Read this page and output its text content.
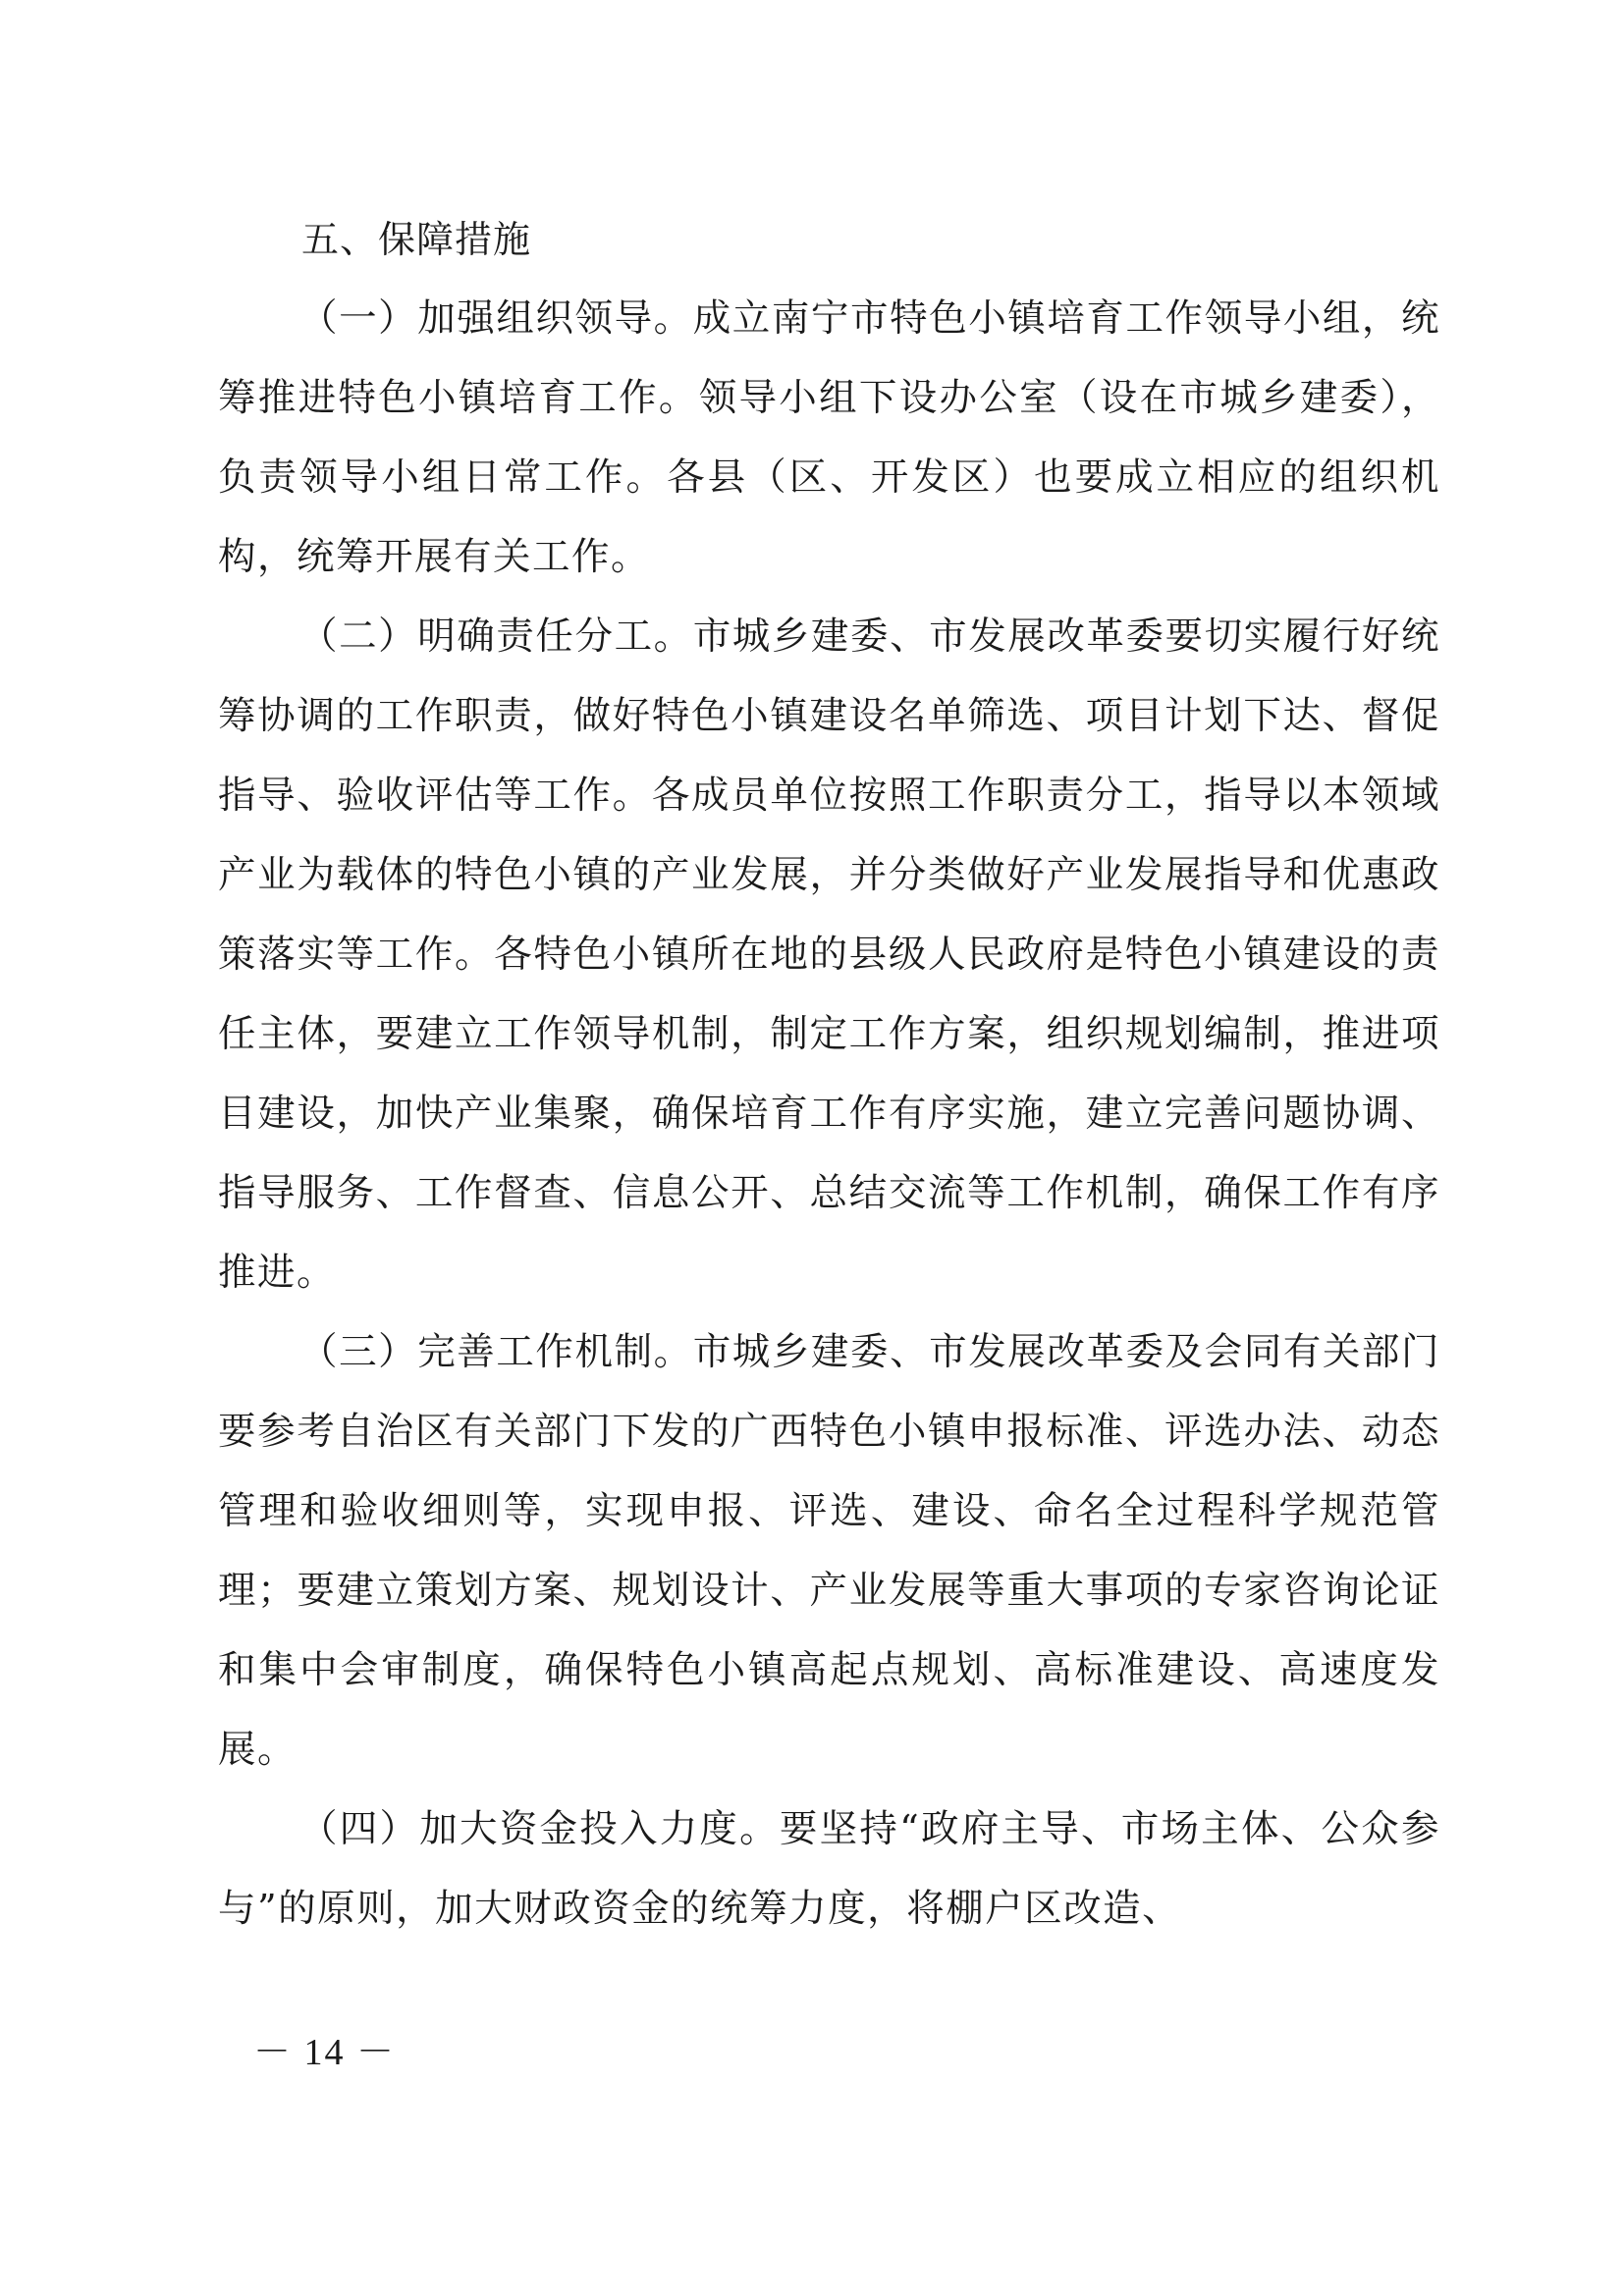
五、保障措施

（一）加强组织领导。成立南宁市特色小镇培育工作领导小组，统筹推进特色小镇培育工作。领导小组下设办公室（设在市城乡建委），负责领导小组日常工作。各县（区、开发区）也要成立相应的组织机构，统筹开展有关工作。

（二）明确责任分工。市城乡建委、市发展改革委要切实履行好统筹协调的工作职责，做好特色小镇建设名单筛选、项目计划下达、督促指导、验收评估等工作。各成员单位按照工作职责分工，指导以本领域产业为载体的特色小镇的产业发展，并分类做好产业发展指导和优惠政策落实等工作。各特色小镇所在地的县级人民政府是特色小镇建设的责任主体，要建立工作领导机制，制定工作方案，组织规划编制，推进项目建设，加快产业集聚，确保培育工作有序实施，建立完善问题协调、指导服务、工作督查、信息公开、总结交流等工作机制，确保工作有序推进。

（三）完善工作机制。市城乡建委、市发展改革委及会同有关部门要参考自治区有关部门下发的广西特色小镇申报标准、评选办法、动态管理和验收细则等，实现申报、评选、建设、命名全过程科学规范管理；要建立策划方案、规划设计、产业发展等重大事项的专家咨询论证和集中会审制度，确保特色小镇高起点规划、高标准建设、高速度发展。

（四）加大资金投入力度。要坚持“政府主导、市场主体、公众参与”的原则，加大财政资金的统筹力度，将棚户区改造、

－ 14 －
